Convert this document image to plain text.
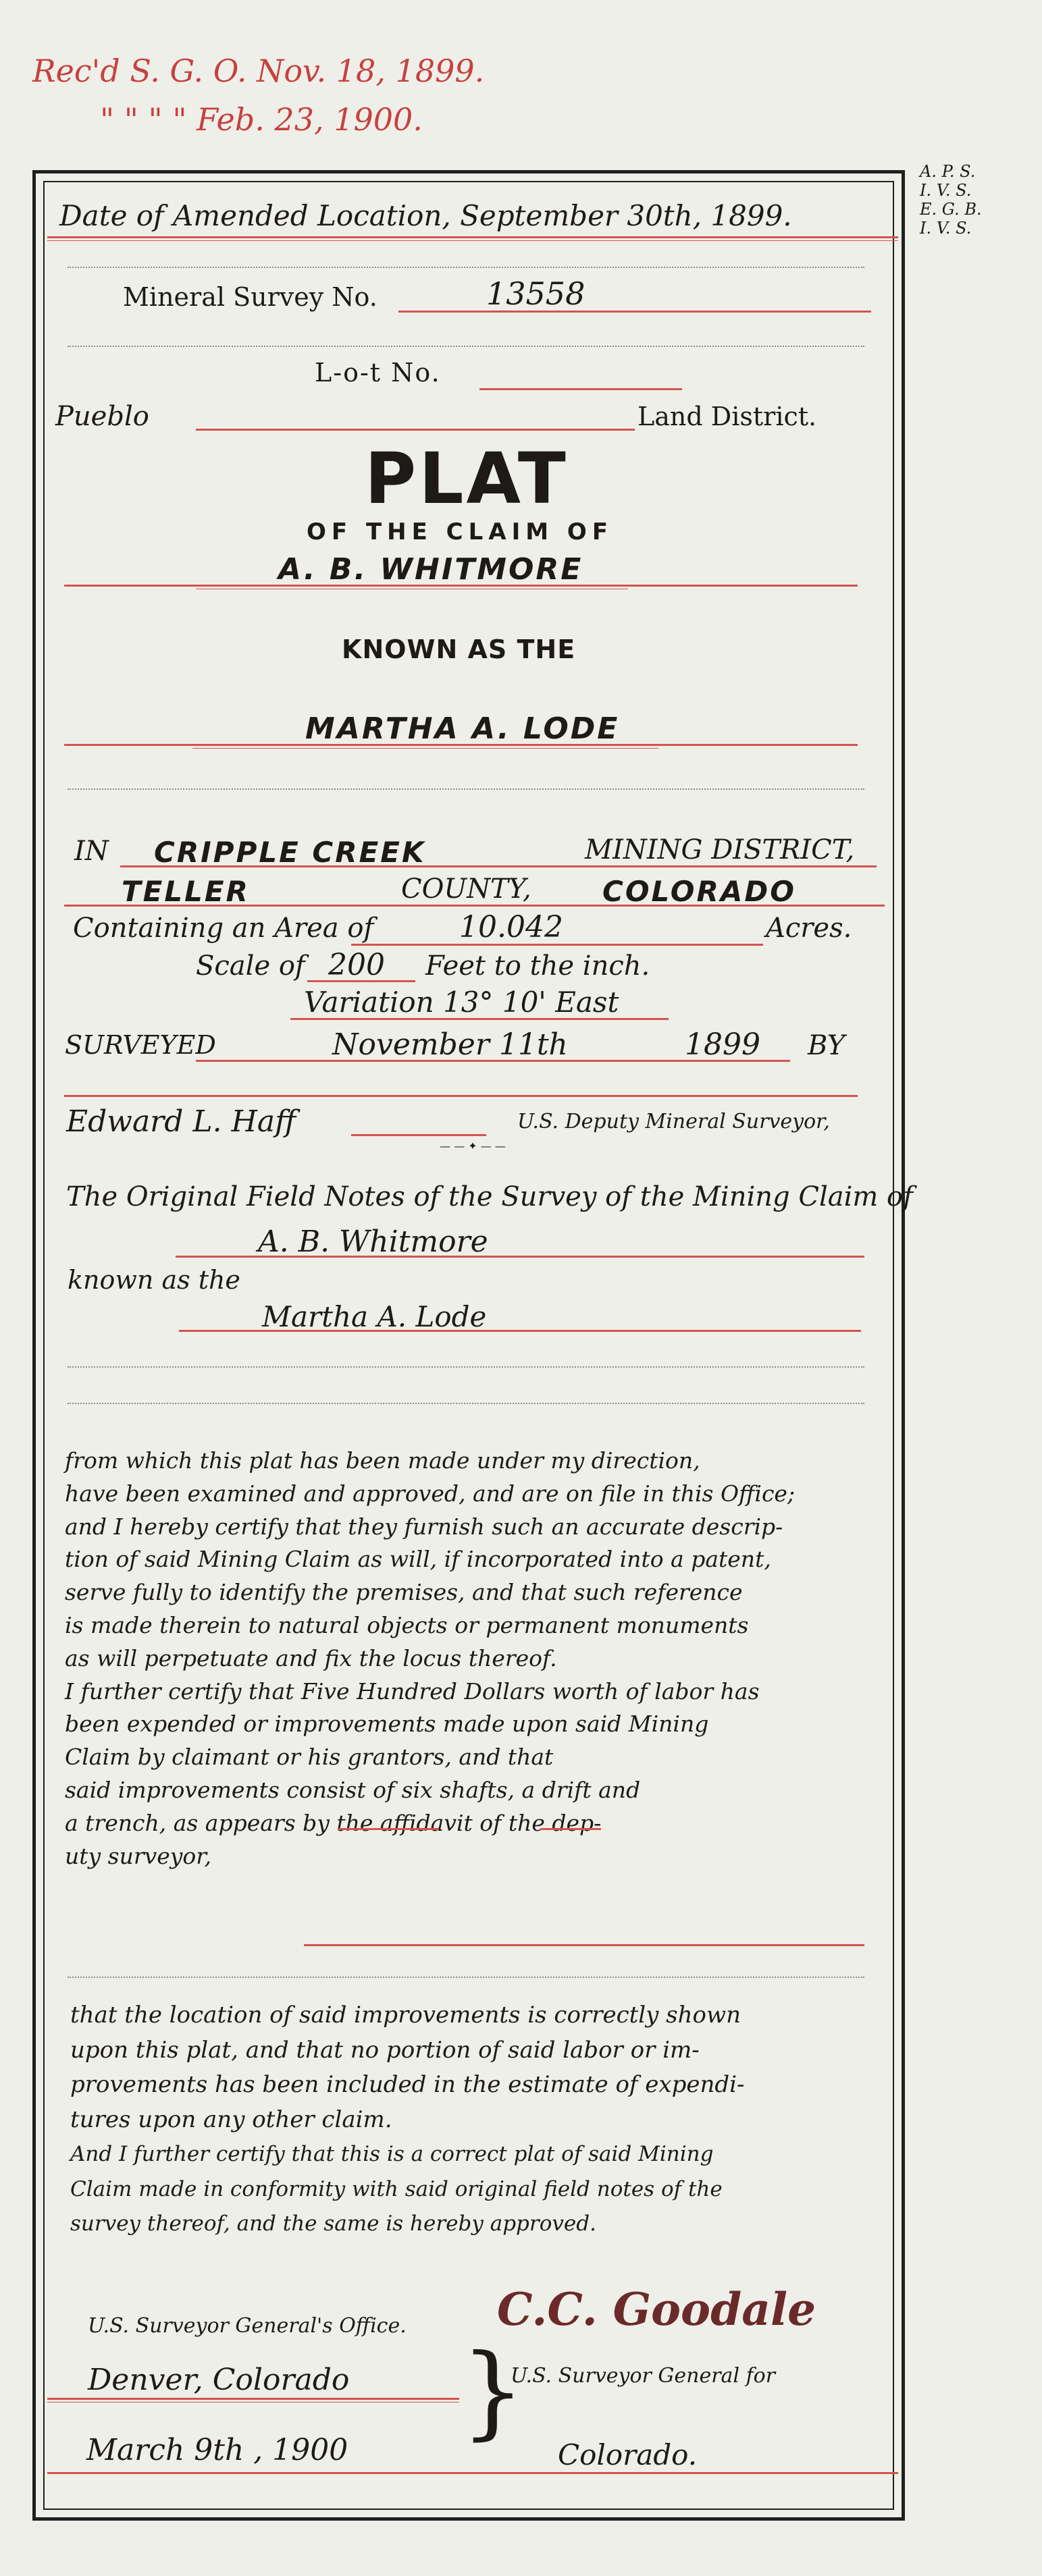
Rec'd S. G. O. Nov. 18, 1899.
" " " " Feb. 23, 1900.
A. P. S.
I. V. S.
E. G. B.
I. V. S.
Date of Amended Location, September 30th, 1899.
Mineral Survey No.	13558
L-o-t No.
Pueblo	Land District.
PLAT
OF THE CLAIM OF
A. B. WHITMORE
KNOWN AS THE
MARTHA A. LODE
IN CRIPPLE CREEK	MINING DISTRICT,
TELLER	COUNTY,	COLORADO
Containing an Area of	10.042	Acres.
Scale of 200 Feet to the inch.
Variation 13° 10' East
SURVEYED	November 11th	1899 BY
Edward L. Haff	U.S. Deputy Mineral Surveyor,
— — ✦ — —
The Original Field Notes of the Survey of the Mining Claim of
A. B. Whitmore
known as the
Martha A. Lode
from which this plat has been made under my direction,
have been examined and approved, and are on file in this Office;
and I hereby certify that they furnish such an accurate descrip-
tion of said Mining Claim as will, if incorporated into a patent,
serve fully to identify the premises, and that such reference
is made therein to natural objects or permanent monuments
as will perpetuate and fix the locus thereof.
I further certify that Five Hundred Dollars worth of labor has
been expended or improvements made upon said Mining
Claim by claimant or his grantors, and that
said improvements consist of six shafts, a drift and
a trench, as appears by the affidavit of the dep-
uty surveyor,
that the location of said improvements is correctly shown
upon this plat, and that no portion of said labor or im-
provements has been included in the estimate of expendi-
tures upon any other claim.
And I further certify that this is a correct plat of said Mining
Claim made in conformity with said original field notes of the
survey thereof, and the same is hereby approved.
U.S. Surveyor General's Office. C.C. Goodale
Denver, Colorado }
U.S. Surveyor General for
March 9th , 1900	Colorado.
